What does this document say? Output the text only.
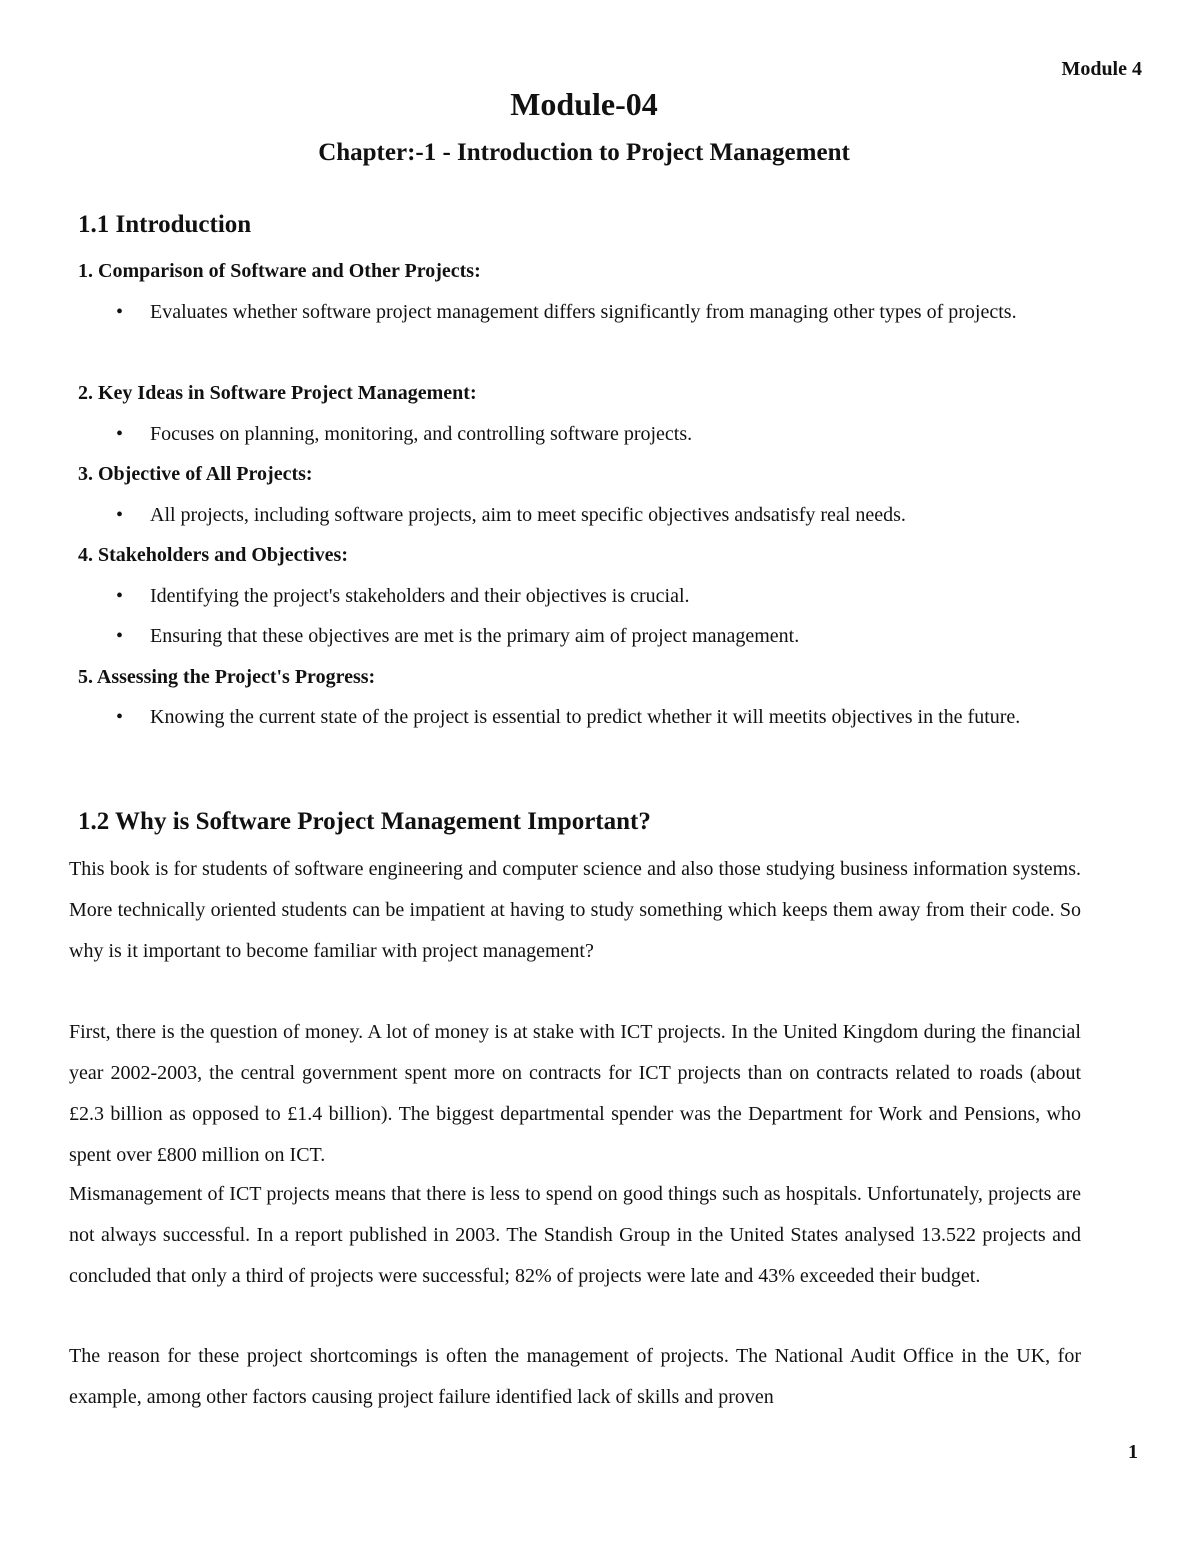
Module 4
Module-04
Chapter:-1 - Introduction to Project Management
1.1 Introduction
1. Comparison of Software and Other Projects:
• Evaluates whether software project management differs significantly from managing other types of projects.
2. Key Ideas in Software Project Management:
• Focuses on planning, monitoring, and controlling software projects.
3. Objective of All Projects:
• All projects, including software projects, aim to meet specific objectives andsatisfy real needs.
4. Stakeholders and Objectives:
• Identifying the project's stakeholders and their objectives is crucial.
• Ensuring that these objectives are met is the primary aim of project management.
5. Assessing the Project's Progress:
• Knowing the current state of the project is essential to predict whether it will meetits objectives in the future.
1.2 Why is Software Project Management Important?
This book is for students of software engineering and computer science and also those studying business information systems. More technically oriented students can be impatient at having to study something which keeps them away from their code. So why is it important to become familiar with project management?
First, there is the question of money. A lot of money is at stake with ICT projects. In the United Kingdom during the financial year 2002-2003, the central government spent more on contracts for ICT projects than on contracts related to roads (about £2.3 billion as opposed to £1.4 billion). The biggest departmental spender was the Department for Work and Pensions, who spent over £800 million on ICT.
Mismanagement of ICT projects means that there is less to spend on good things such as hospitals. Unfortunately, projects are not always successful. In a report published in 2003. The Standish Group in the United States analysed 13.522 projects and concluded that only a third of projects were successful; 82% of projects were late and 43% exceeded their budget.
The reason for these project shortcomings is often the management of projects. The National Audit Office in the UK, for example, among other factors causing project failure identified lack of skills and proven
1
